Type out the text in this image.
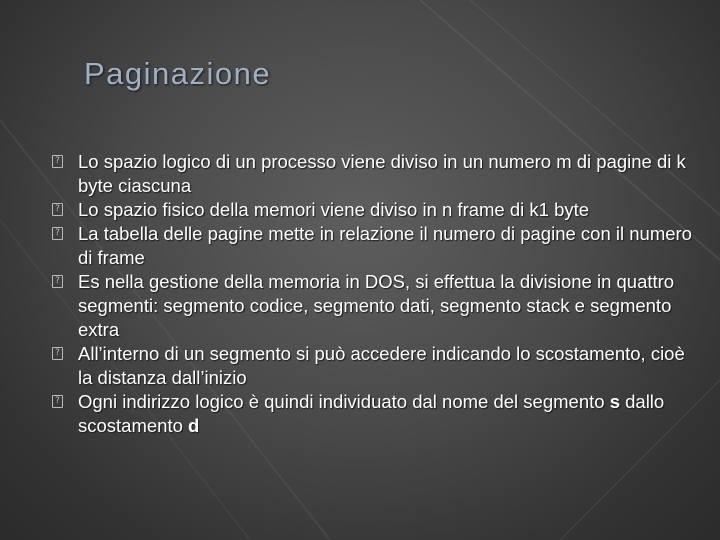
Paginazione
? Lo spazio logico di un processo viene diviso in un numero m di pagine di k byte ciascuna
? Lo spazio fisico della memori viene diviso in n frame di k1 byte
? La tabella delle pagine mette in relazione il numero di pagine con il numero di frame
? Es nella gestione della memoria in DOS, si effettua la divisione in quattro segmenti: segmento codice, segmento dati, segmento stack e segmento extra
? All’interno di un segmento si può accedere indicando lo scostamento, cioè la distanza dall’inizio
? Ogni indirizzo logico è quindi individuato dal nome del segmento s dallo scostamento d
